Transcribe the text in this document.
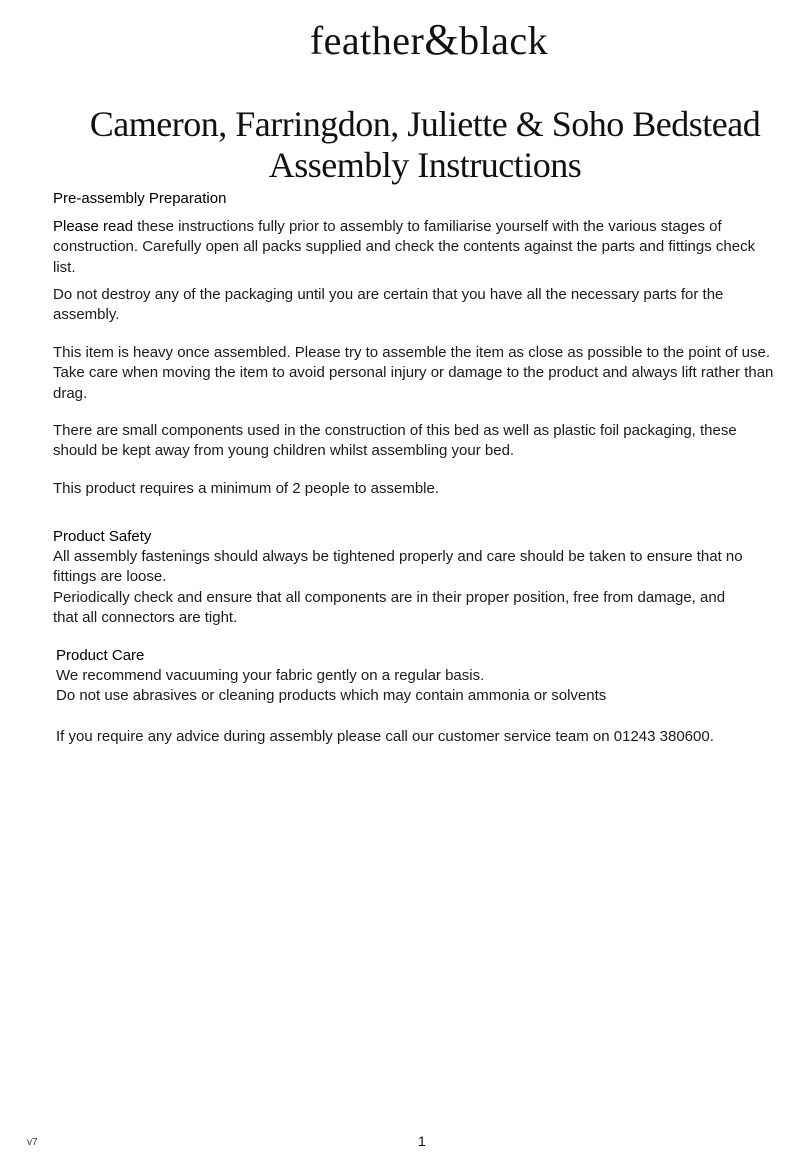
feather&black
Cameron, Farringdon, Juliette & Soho Bedstead
Assembly Instructions
Pre-assembly Preparation

Please read these instructions fully prior to assembly to familiarise yourself with the various stages of construction. Carefully open all packs supplied and check the contents against the parts and fittings check list.

Do not destroy any of the packaging until you are certain that you have all the necessary parts for the assembly.

This item is heavy once assembled. Please try to assemble the item as close as possible to the point of use. Take care when moving the item to avoid personal injury or damage to the product and always lift rather than drag.

There are small components used in the construction of this bed as well as plastic foil packaging, these should be kept away from young children whilst assembling your bed.

This product requires a minimum of 2 people to assemble.

Product Safety

All assembly fastenings should always be tightened properly and care should be taken to ensure that no fittings are loose.

Periodically check and ensure that all components are in their proper position, free from damage, and that all connectors are tight.

Product Care

We recommend vacuuming your fabric gently on a regular basis.

Do not use abrasives or cleaning products which may contain ammonia or solvents

If you require any advice during assembly please call our customer service team on 01243 380600.

v7	1
